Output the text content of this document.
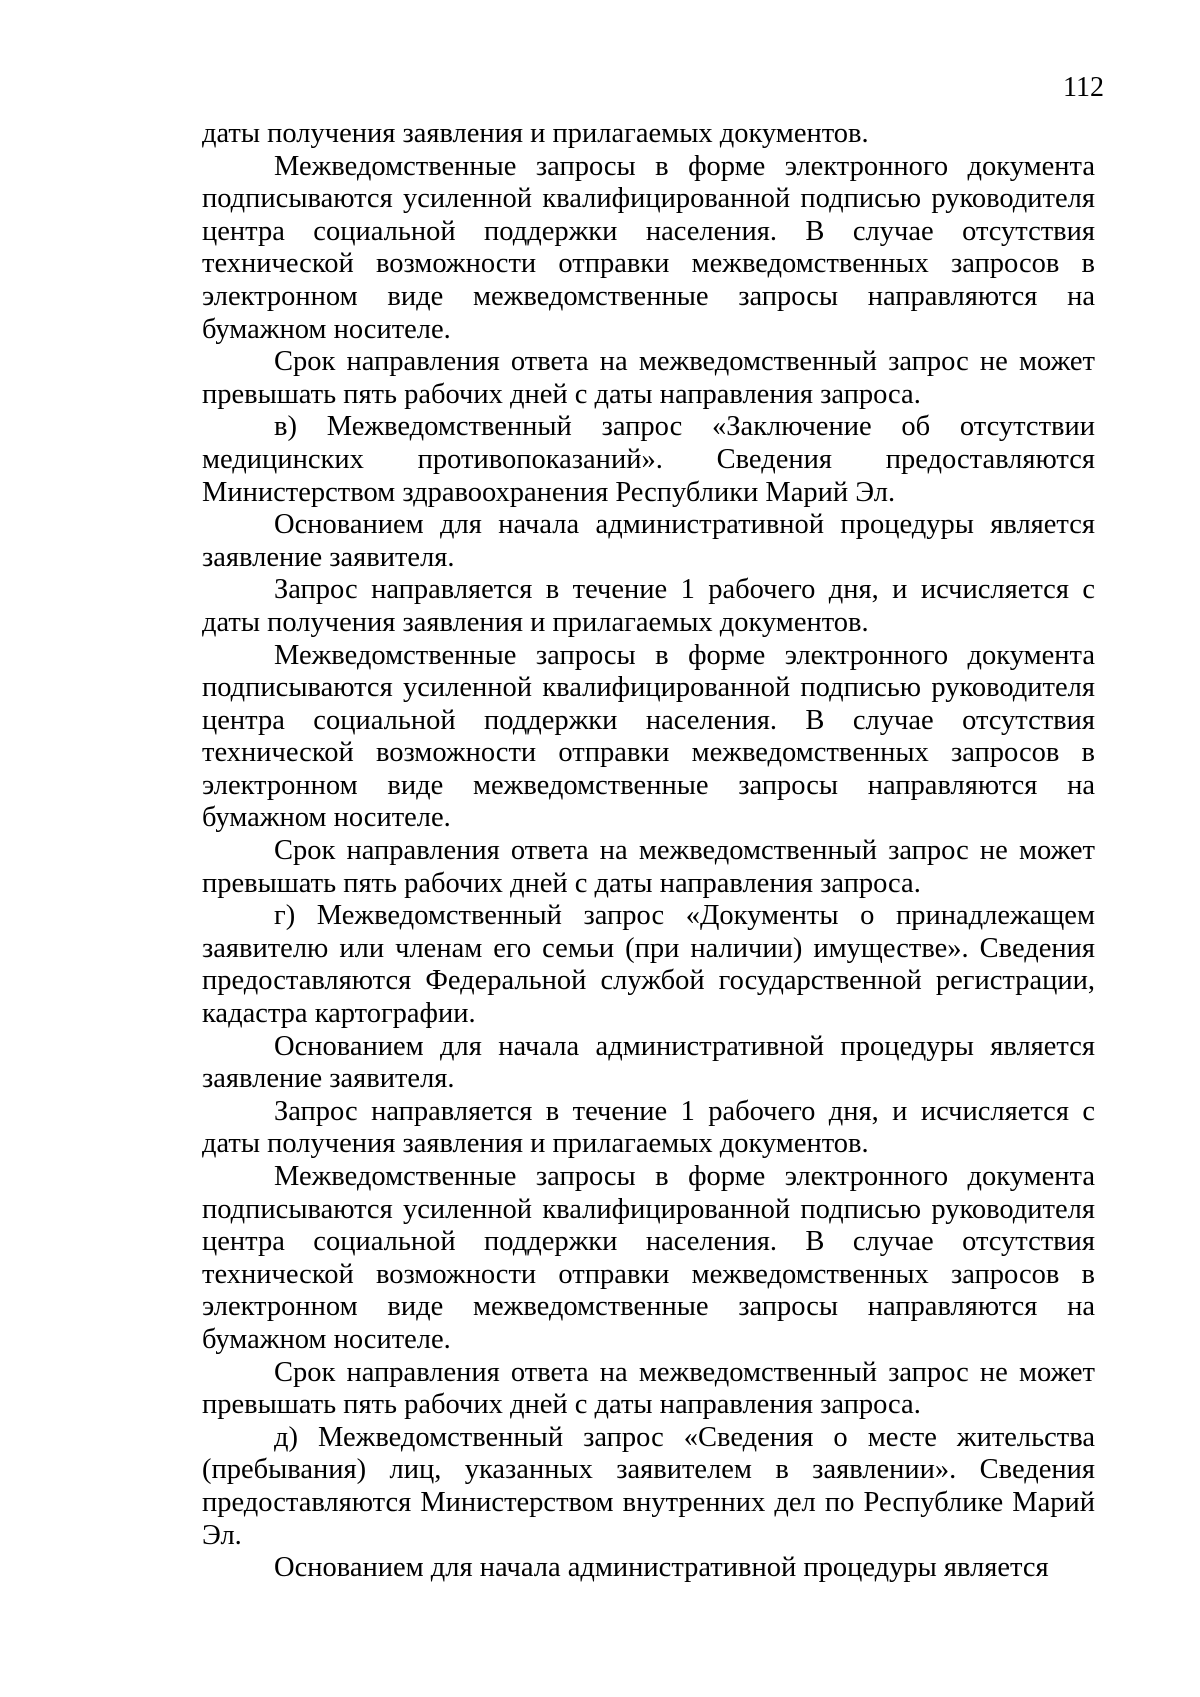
112

даты получения заявления и прилагаемых документов.

Межведомственные запросы в форме электронного документа подписываются усиленной квалифицированной подписью руководителя центра социальной поддержки населения. В случае отсутствия технической возможности отправки межведомственных запросов в электронном виде межведомственные запросы направляются на бумажном носителе.

Срок направления ответа на межведомственный запрос не может превышать пять рабочих дней с даты направления запроса.

в) Межведомственный запрос «Заключение об отсутствии медицинских противопоказаний». Сведения предоставляются Министерством здравоохранения Республики Марий Эл.

Основанием для начала административной процедуры является заявление заявителя.

Запрос направляется в течение 1 рабочего дня, и исчисляется с даты получения заявления и прилагаемых документов.

Межведомственные запросы в форме электронного документа подписываются усиленной квалифицированной подписью руководителя центра социальной поддержки населения. В случае отсутствия технической возможности отправки межведомственных запросов в электронном виде межведомственные запросы направляются на бумажном носителе.

Срок направления ответа на межведомственный запрос не может превышать пять рабочих дней с даты направления запроса.

г) Межведомственный запрос «Документы о принадлежащем заявителю или членам его семьи (при наличии) имуществе». Сведения предоставляются Федеральной службой государственной регистрации, кадастра картографии.

Основанием для начала административной процедуры является заявление заявителя.

Запрос направляется в течение 1 рабочего дня, и исчисляется с даты получения заявления и прилагаемых документов.

Межведомственные запросы в форме электронного документа подписываются усиленной квалифицированной подписью руководителя центра социальной поддержки населения. В случае отсутствия технической возможности отправки межведомственных запросов в электронном виде межведомственные запросы направляются на бумажном носителе.

Срок направления ответа на межведомственный запрос не может превышать пять рабочих дней с даты направления запроса.

д) Межведомственный запрос «Сведения о месте жительства (пребывания) лиц, указанных заявителем в заявлении». Сведения предоставляются Министерством внутренних дел по Республике Марий Эл.

Основанием для начала административной процедуры является
